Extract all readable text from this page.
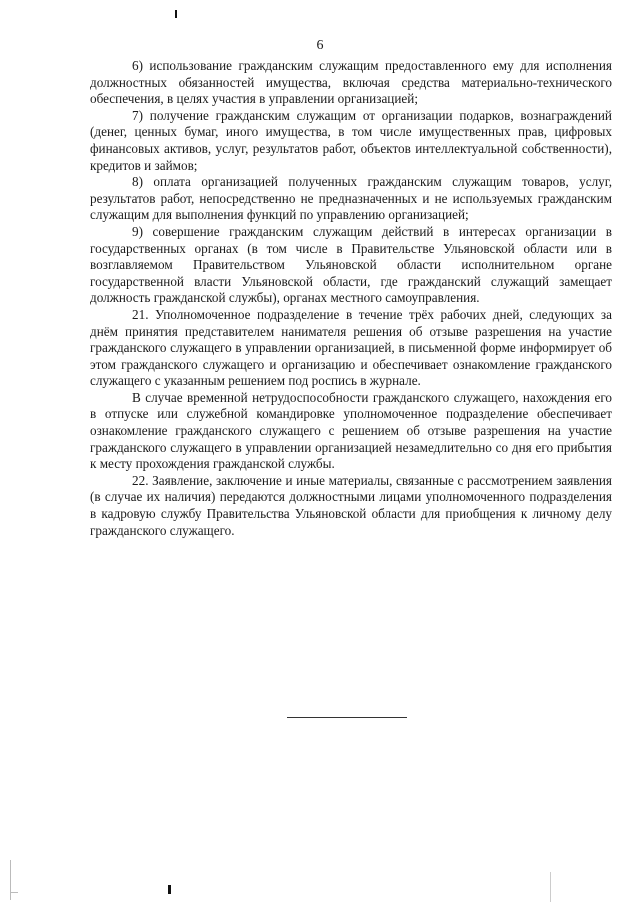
6

6) использование гражданским служащим предоставленного ему для исполнения должностных обязанностей имущества, включая средства материально-технического обеспечения, в целях участия в управлении организацией;

7) получение гражданским служащим от организации подарков, вознаграждений (денег, ценных бумаг, иного имущества, в том числе имущественных прав, цифровых финансовых активов, услуг, результатов работ, объектов интеллектуальной собственности), кредитов и займов;

8) оплата организацией полученных гражданским служащим товаров, услуг, результатов работ, непосредственно не предназначенных и не используемых гражданским служащим для выполнения функций по управлению организацией;

9) совершение гражданским служащим действий в интересах организации в государственных органах (в том числе в Правительстве Ульяновской области или в возглавляемом Правительством Ульяновской области исполнительном органе государственной власти Ульяновской области, где гражданский служащий замещает должность гражданской службы), органах местного самоуправления.

21. Уполномоченное подразделение в течение трёх рабочих дней, следующих за днём принятия представителем нанимателя решения об отзыве разрешения на участие гражданского служащего в управлении организацией, в письменной форме информирует об этом гражданского служащего и организацию и обеспечивает ознакомление гражданского служащего с указанным решением под роспись в журнале.

В случае временной нетрудоспособности гражданского служащего, нахождения его в отпуске или служебной командировке уполномоченное подразделение обеспечивает ознакомление гражданского служащего с решением об отзыве разрешения на участие гражданского служащего в управлении организацией незамедлительно со дня его прибытия к месту прохождения гражданской службы.

22. Заявление, заключение и иные материалы, связанные с рассмотрением заявления (в случае их наличия) передаются должностными лицами уполномоченного подразделения в кадровую службу Правительства Ульяновской области для приобщения к личному делу гражданского служащего.
